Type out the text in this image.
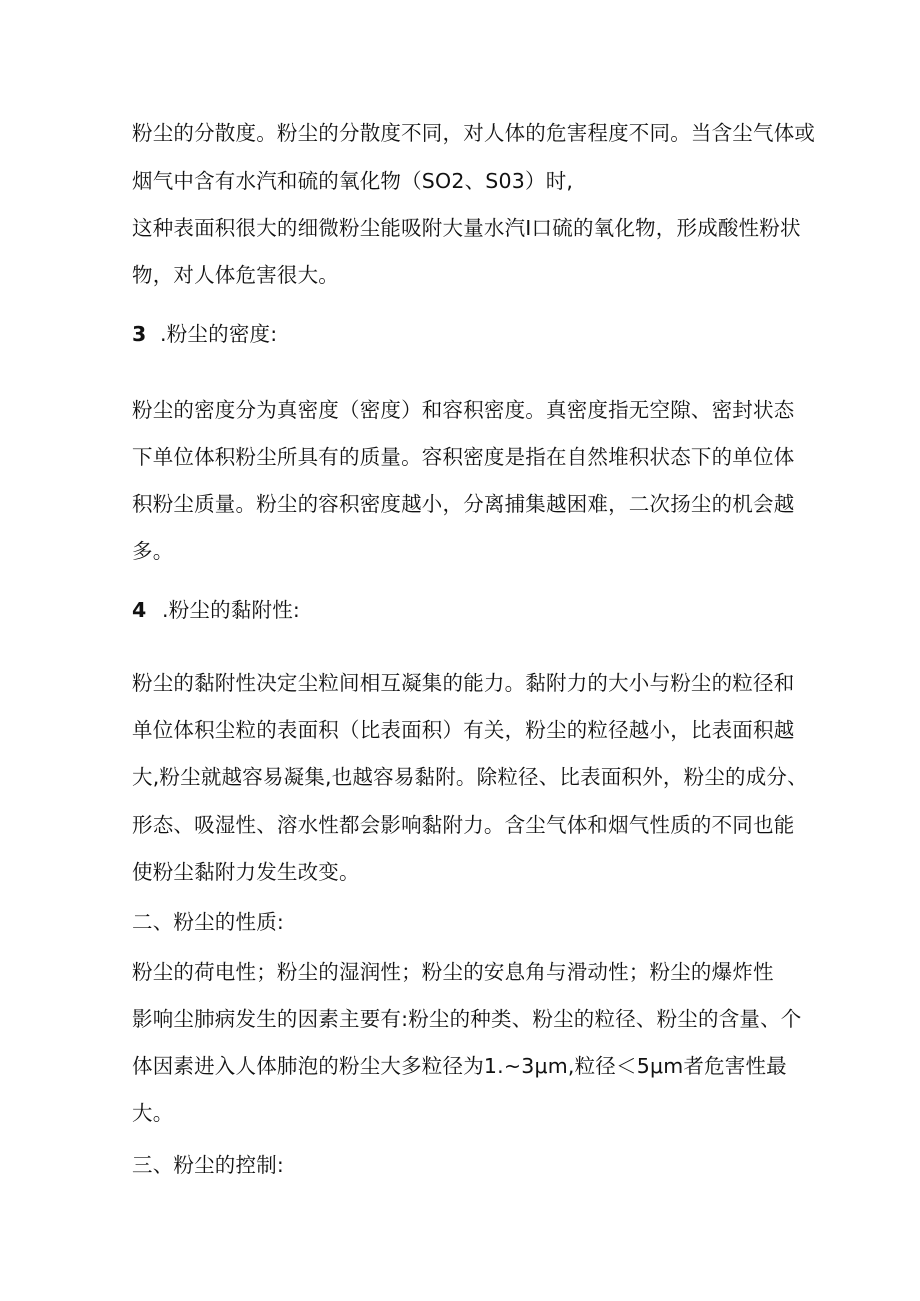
粉尘的分散度。粉尘的分散度不同，对人体的危害程度不同。当含尘气体或
烟气中含有水汽和硫的氧化物（SO2、S03）时,
这种表面积很大的细微粉尘能吸附大量水汽I口硫的氧化物，形成酸性粉状
物，对人体危害很大。
3 .粉尘的密度:
粉尘的密度分为真密度（密度）和容积密度。真密度指无空隙、密封状态
下单位体积粉尘所具有的质量。容积密度是指在自然堆积状态下的单位体
积粉尘质量。粉尘的容积密度越小，分离捕集越困难，二次扬尘的机会越
多。
4 .粉尘的黏附性:
粉尘的黏附性决定尘粒间相互凝集的能力。黏附力的大小与粉尘的粒径和
单位体积尘粒的表面积（比表面积）有关，粉尘的粒径越小，比表面积越
大,粉尘就越容易凝集,也越容易黏附。除粒径、比表面积外，粉尘的成分、
形态、吸湿性、溶水性都会影响黏附力。含尘气体和烟气性质的不同也能
使粉尘黏附力发生改变。
二、粉尘的性质:
粉尘的荷电性；粉尘的湿润性；粉尘的安息角与滑动性；粉尘的爆炸性
影响尘肺病发生的因素主要有:粉尘的种类、粉尘的粒径、粉尘的含量、个
体因素进入人体肺泡的粉尘大多粒径为1.~3μm,粒径＜5μm者危害性最
大。
三、粉尘的控制:
